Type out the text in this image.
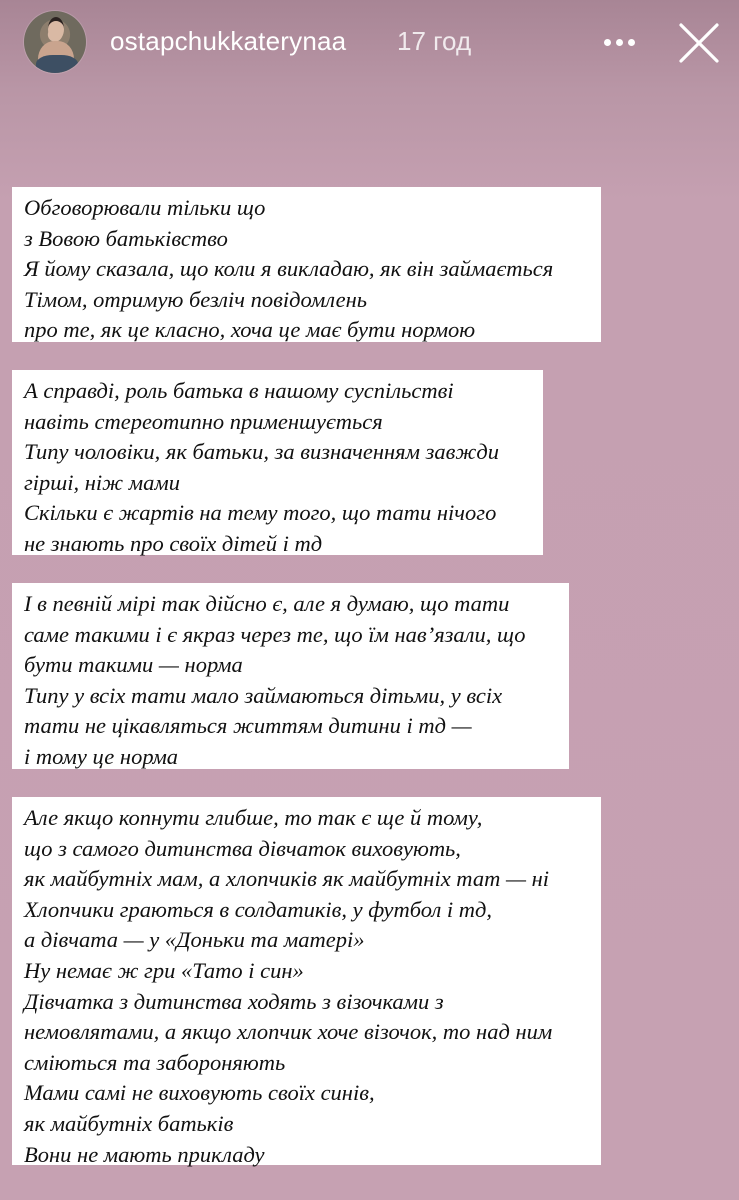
ostapchukkaterynaa 17 год
Обговорювали тільки що
з Вовою батьківство
Я йому сказала, що коли я викладаю, як він займається
Тімом, отримую безліч повідомлень
про те, як це класно, хоча це має бути нормою
А справді, роль батька в нашому суспільстві
навіть стереотипно применшується
Типу чоловіки, як батьки, за визначенням завжди
гірші, ніж мами
Скільки є жартів на тему того, що тати нічого
не знають про своїх дітей і тд
І в певній мірі так дійсно є, але я думаю, що тати
саме такими і є якраз через те, що їм нав’язали, що
бути такими — норма
Типу у всіх тати мало займаються дітьми, у всіх
тати не цікавляться життям дитини і тд —
і тому це норма
Але якщо копнути глибше, то так є ще й тому,
що з самого дитинства дівчаток виховують,
як майбутніх мам, а хлопчиків як майбутніх тат — ні
Хлопчики граються в солдатиків, у футбол і тд,
а дівчата — у «Доньки та матері»
Ну немає ж гри «Тато і син»
Дівчатка з дитинства ходять з візочками з
немовлятами, а якщо хлопчик хоче візочок, то над ним
сміються та забороняють
Мами самі не виховують своїх синів,
як майбутніх батьків
Вони не мають прикладу
